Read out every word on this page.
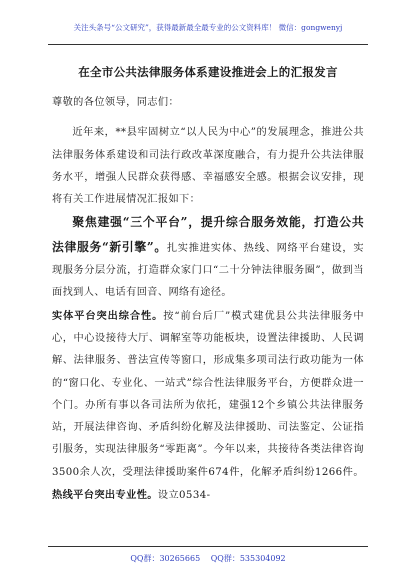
关注头条号“公文研究”，获得最新最全最专业的公文资料库！ 微信：gongwenyj
在全市公共法律服务体系建设推进会上的汇报发言

尊敬的各位领导，同志们：

近年来，**县牢固树立“以人民为中心”的发展理念，推进公共法律服务体系建设和司法行政改革深度融合，有力提升公共法律服务水平，增强人民群众获得感、幸福感安全感。根据会议安排，现将有关工作进展情况汇报如下：

聚焦建强“三个平台”，提升综合服务效能，打造公共法律服务“新引擎”。扎实推进实体、热线、网络平台建设，实现服务分层分流，打造群众家门口“二十分钟法律服务圈”，做到当面找到人、电话有回音、网络有途径。

实体平台突出综合性。按“前台后厂”模式建优县公共法律服务中心，中心设接待大厅、调解室等功能板块，设置法律援助、人民调解、法律服务、普法宣传等窗口，形成集多项司法行政功能为一体的“窗口化、专业化、一站式”综合性法律服务平台，方便群众进一个门。办所有事以各司法所为依托，建强12个乡镇公共法律服务站，开展法律咨询、矛盾纠纷化解及法律援助、司法鉴定、公证指引服务，实现法律服务“零距离”。今年以来，共接待各类法律咨询3500余人次，受理法律援助案件674件，化解矛盾纠纷1266件。热线平台突出专业性。设立0534-

QQ群：30265665 QQ群：535304092
